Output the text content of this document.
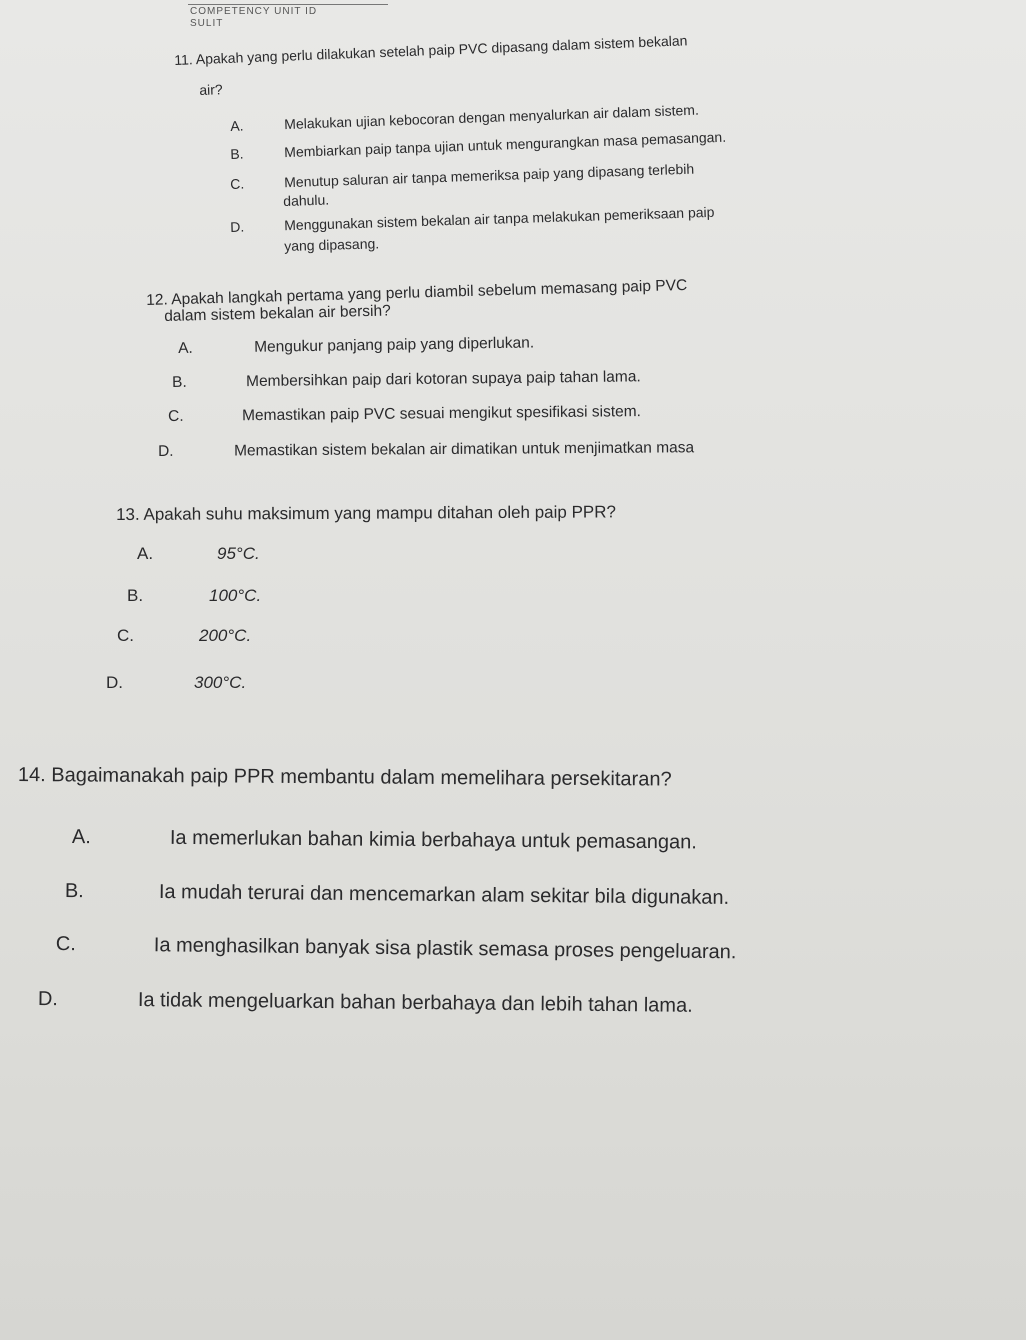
COMPETENCY UNIT ID
SULIT
11. Apakah yang perlu dilakukan setelah paip PVC dipasang dalam sistem bekalan
air?
A.	Melakukan ujian kebocoran dengan menyalurkan air dalam sistem.
B.	Membiarkan paip tanpa ujian untuk mengurangkan masa pemasangan.
C.	Menutup saluran air tanpa memeriksa paip yang dipasang terlebih
dahulu.
D.	Menggunakan sistem bekalan air tanpa melakukan pemeriksaan paip
yang dipasang.
12. Apakah langkah pertama yang perlu diambil sebelum memasang paip PVC
dalam sistem bekalan air bersih?
A.	Mengukur panjang paip yang diperlukan.
B.	Membersihkan paip dari kotoran supaya paip tahan lama.
C.	Memastikan paip PVC sesuai mengikut spesifikasi sistem.
D.	Memastikan sistem bekalan air dimatikan untuk menjimatkan masa
13. Apakah suhu maksimum yang mampu ditahan oleh paip PPR?
A.	95°C.
B.	100°C.
C.	200°C.
D.	300°C.
14. Bagaimanakah paip PPR membantu dalam memelihara persekitaran?
A.	Ia memerlukan bahan kimia berbahaya untuk pemasangan.
B.	Ia mudah terurai dan mencemarkan alam sekitar bila digunakan.
C.	Ia menghasilkan banyak sisa plastik semasa proses pengeluaran.
D.	Ia tidak mengeluarkan bahan berbahaya dan lebih tahan lama.
